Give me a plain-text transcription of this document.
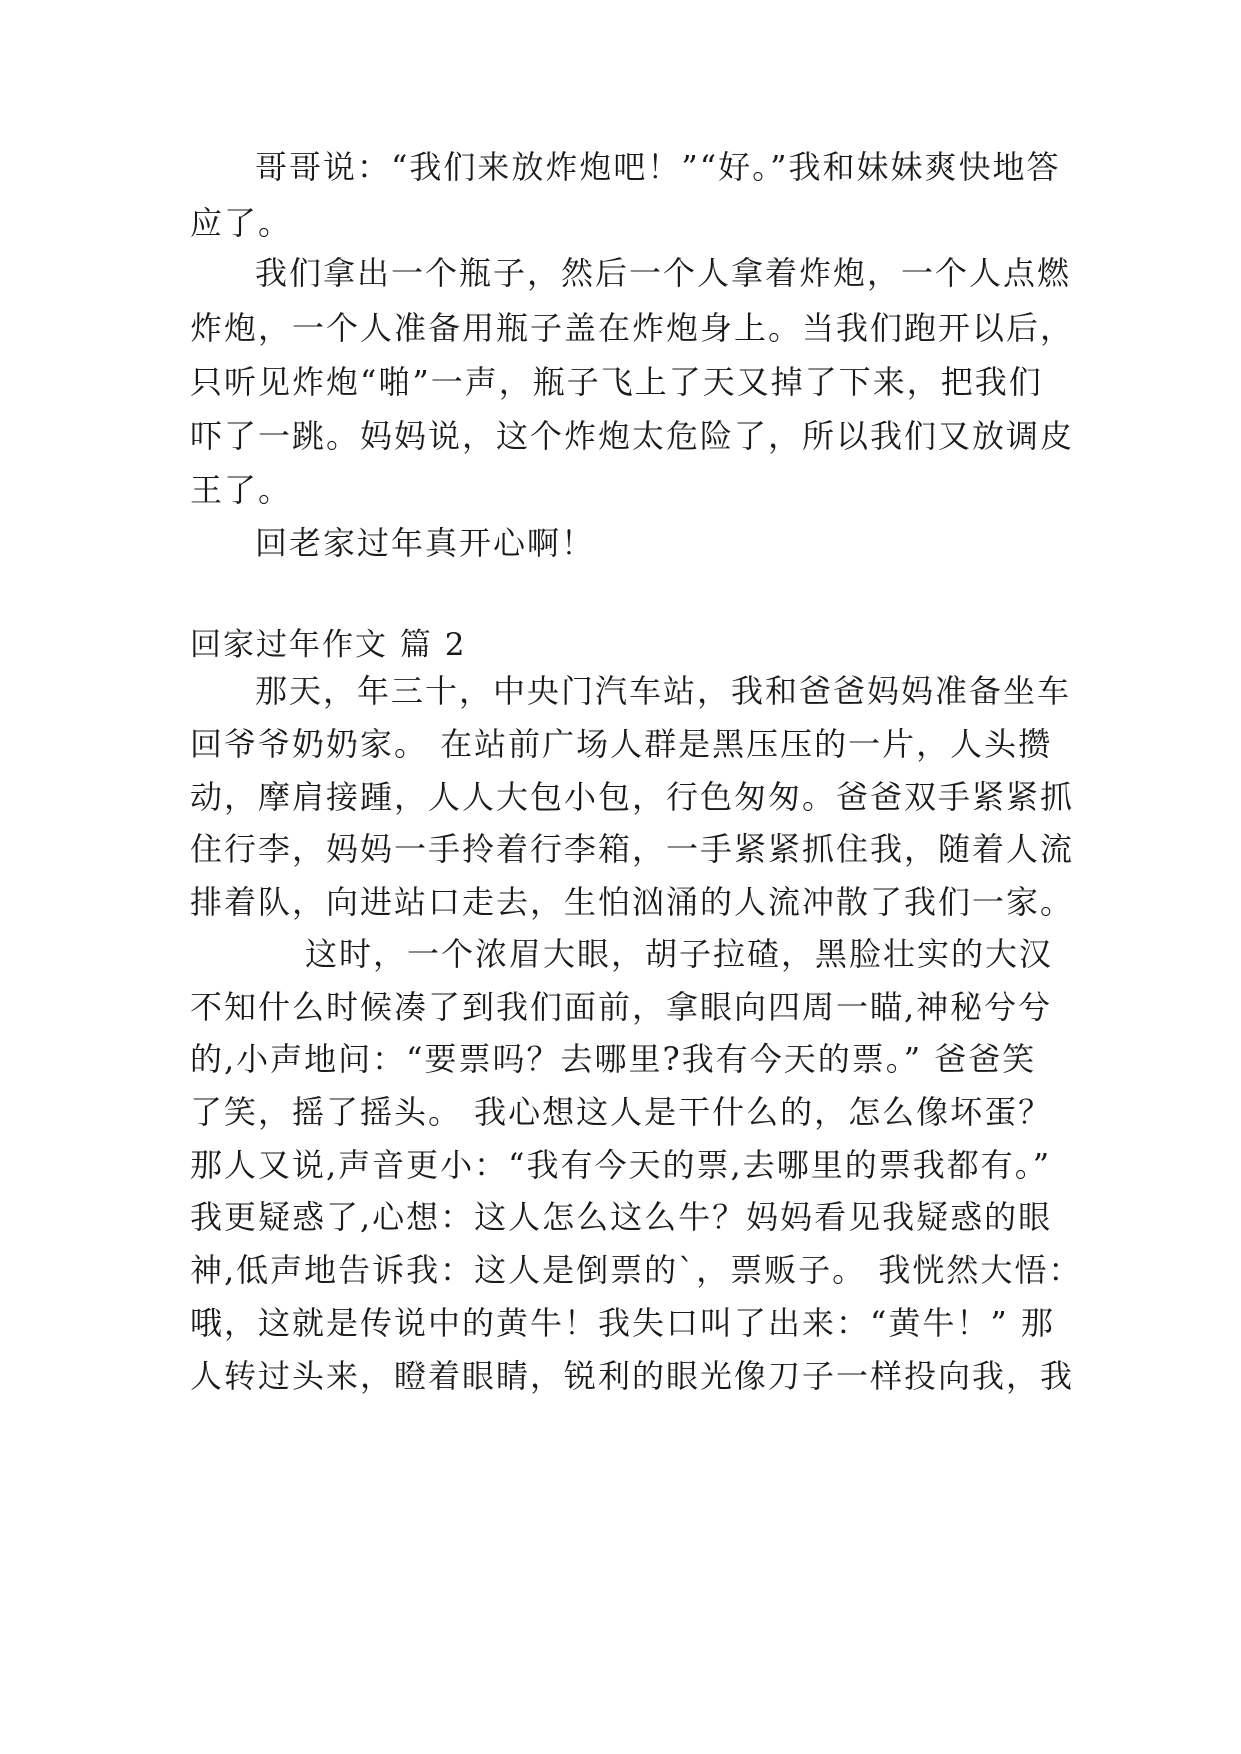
哥哥说：“我们来放炸炮吧！”“好。”我和妹妹爽快地答
应了。
我们拿出一个瓶子，然后一个人拿着炸炮，一个人点燃
炸炮，一个人准备用瓶子盖在炸炮身上。当我们跑开以后，
只听见炸炮“啪”一声，瓶子飞上了天又掉了下来，把我们
吓了一跳。妈妈说，这个炸炮太危险了，所以我们又放调皮
王了。
回老家过年真开心啊！
回家过年作文 篇 2
那天，年三十，中央门汽车站，我和爸爸妈妈准备坐车
回爷爷奶奶家。 在站前广场人群是黑压压的一片，人头攒
动，摩肩接踵，人人大包小包，行色匆匆。爸爸双手紧紧抓
住行李，妈妈一手拎着行李箱，一手紧紧抓住我，随着人流
排着队，向进站口走去，生怕汹涌的人流冲散了我们一家。
这时，一个浓眉大眼，胡子拉碴，黑脸壮实的大汉
不知什么时候凑了到我们面前，拿眼向四周一瞄,神秘兮兮
的,小声地问：“要票吗？去哪里?我有今天的票。” 爸爸笑
了笑，摇了摇头。 我心想这人是干什么的，怎么像坏蛋？
那人又说,声音更小：“我有今天的票,去哪里的票我都有。”
我更疑惑了,心想：这人怎么这么牛？妈妈看见我疑惑的眼
神,低声地告诉我：这人是倒票的`，票贩子。 我恍然大悟：
哦，这就是传说中的黄牛！我失口叫了出来：“黄牛！” 那
人转过头来，瞪着眼睛，锐利的眼光像刀子一样投向我，我
